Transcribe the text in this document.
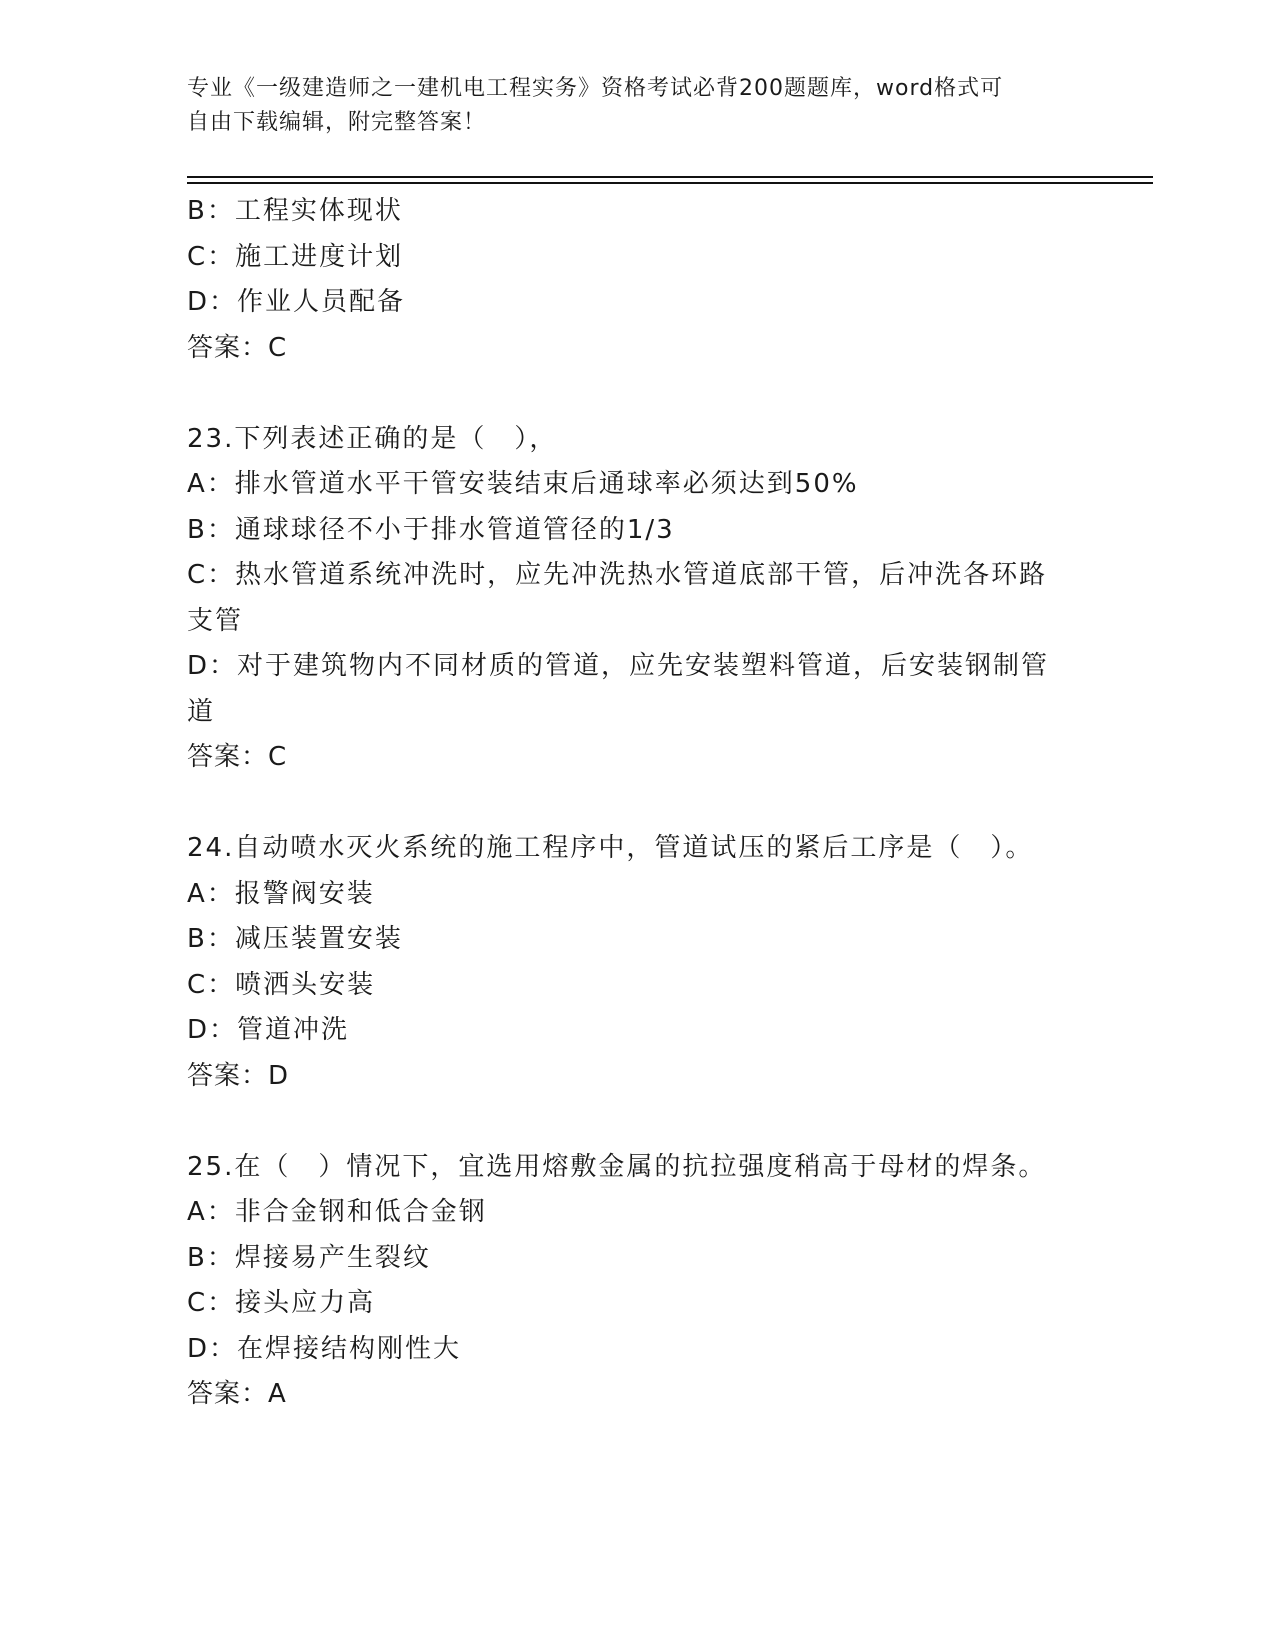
专业《一级建造师之一建机电工程实务》资格考试必背200题题库，word格式可
自由下载编辑，附完整答案！
B：工程实体现状
C：施工进度计划
D：作业人员配备
答案：C
23.下列表述正确的是（　），
A：排水管道水平干管安装结束后通球率必须达到50%
B：通球球径不小于排水管道管径的1/3
C：热水管道系统冲洗时，应先冲洗热水管道底部干管，后冲洗各环路
支管
D：对于建筑物内不同材质的管道，应先安装塑料管道，后安装钢制管
道
答案：C
24.自动喷水灭火系统的施工程序中，管道试压的紧后工序是（　）。
A：报警阀安装
B：减压装置安装
C：喷洒头安装
D：管道冲洗
答案：D
25.在（　）情况下，宜选用熔敷金属的抗拉强度稍高于母材的焊条。
A：非合金钢和低合金钢
B：焊接易产生裂纹
C：接头应力高
D：在焊接结构刚性大
答案：A
